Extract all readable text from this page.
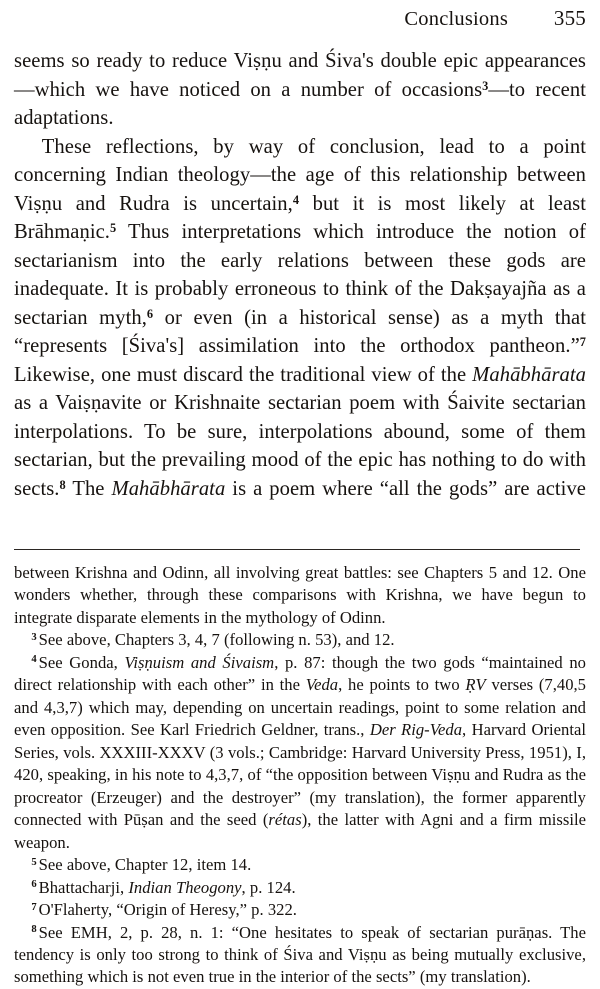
Conclusions	355

seems so ready to reduce Viṣṇu and Śiva's double epic appearances—which we have noticed on a number of occasions$^3$—to recent adaptations.

These reflections, by way of conclusion, lead to a point concerning Indian theology—the age of this relationship between Viṣṇu and Rudra is uncertain,$^4$ but it is most likely at least Brāhmaṇic.$^5$ Thus interpretations which introduce the notion of sectarianism into the early relations between these gods are inadequate. It is probably erroneous to think of the Dakṣayajña as a sectarian myth,$^6$ or even (in a historical sense) as a myth that “represents [Śiva's] assimilation into the orthodox pantheon.”$^7$ Likewise, one must discard the traditional view of the Mahābhārata as a Vaiṣṇavite or Krishnaite sectarian poem with Śaivite sectarian interpolations. To be sure, interpolations abound, some of them sectarian, but the prevailing mood of the epic has nothing to do with sects.$^8$ The Mahābhārata is a poem where “all the gods” are active

between Krishna and Odinn, all involving great battles: see Chapters 5 and 12. One wonders whether, through these comparisons with Krishna, we have begun to integrate disparate elements in the mythology of Odinn.

$^3$ See above, Chapters 3, 4, 7 (following n. 53), and 12.

$^4$ See Gonda, Viṣṇuism and Śivaism, p. 87: though the two gods “maintained no direct relationship with each other” in the Veda, he points to two ṚV verses (7,40,5 and 4,3,7) which may, depending on uncertain readings, point to some relation and even opposition. See Karl Friedrich Geldner, trans., Der Rig-Veda, Harvard Oriental Series, vols. XXXIII-XXXV (3 vols.; Cambridge: Harvard University Press, 1951), I, 420, speaking, in his note to 4,3,7, of “the opposition between Viṣṇu and Rudra as the procreator (Erzeuger) and the destroyer” (my translation), the former apparently connected with Pūṣan and the seed (rétas), the latter with Agni and a firm missile weapon.

$^5$ See above, Chapter 12, item 14.

$^6$ Bhattacharji, Indian Theogony, p. 124.

$^7$ O'Flaherty, “Origin of Heresy,” p. 322.

$^8$ See EMH, 2, p. 28, n. 1: “One hesitates to speak of sectarian purāṇas. The tendency is only too strong to think of Śiva and Viṣṇu as being mutually exclusive, something which is not even true in the interior of the sects” (my translation).
